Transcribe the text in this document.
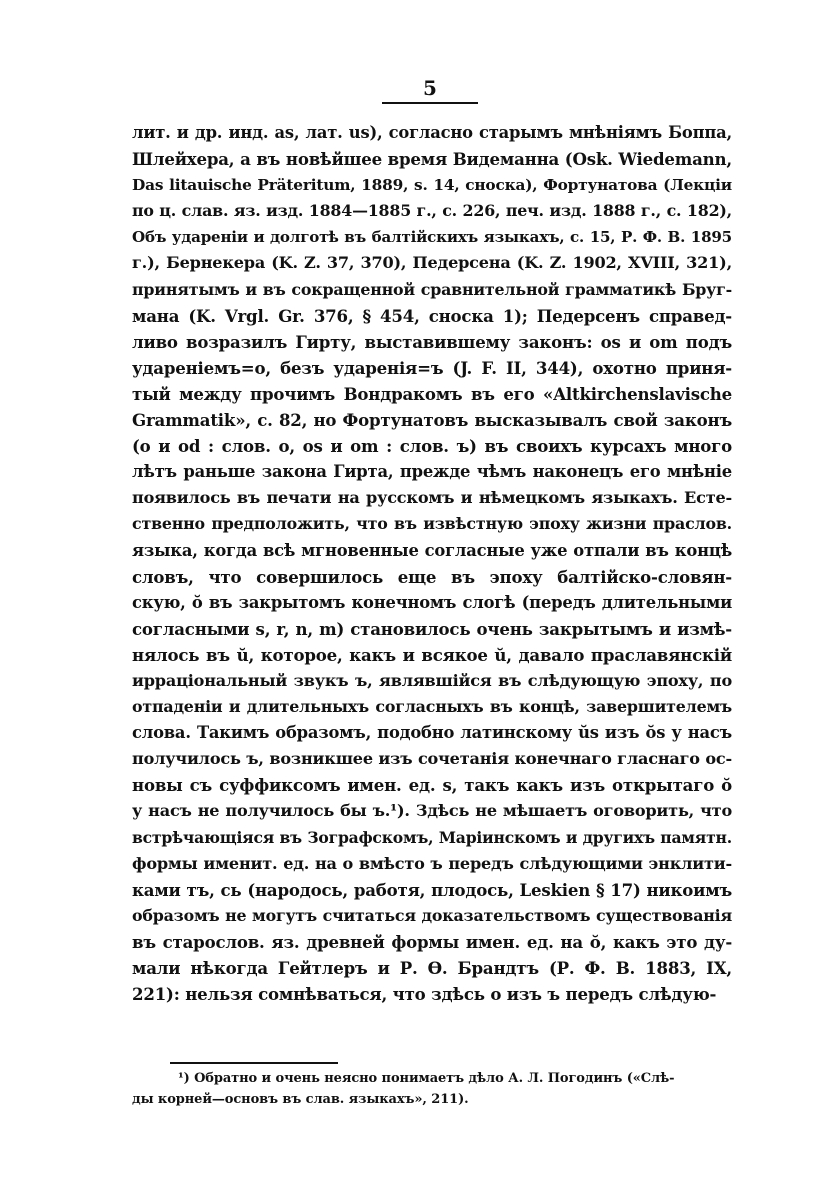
5
лит. и др. инд. as, лат. us), согласно старымъ мнѣніямъ Боппа,
Шлейхера, а въ новѣйшее время Видеманна (Osk. Wiedemann,
Das litauische Präteritum, 1889, s. 14, сноска), Фортунатова (Лекціи
по ц. слав. яз. изд. 1884—1885 г., с. 226, печ. изд. 1888 г., с. 182),
Объ удареніи и долготѣ въ балтійскихъ языкахъ, с. 15, Р. Ф. В. 1895
г.), Бернекера (K. Z. 37, 370), Педерсена (K. Z. 1902, XVIII, 321),
принятымъ и въ сокращенной сравнительной грамматикѣ Бруг-
мана (K. Vrgl. Gr. 376, § 454, сноска 1); Педерсенъ справед-
ливо возразилъ Гирту, выставившему законъ: os и om подъ
удареніемъ=o, безъ ударенія=ъ (J. F. II, 344), охотно приня-
тый между прочимъ Вондракомъ въ его «Altkirchenslavische
Grammatik», с. 82, но Фортунатовъ высказывалъ свой законъ
(o и od : слов. o, os и om : слов. ъ) въ своихъ курсахъ много
лѣтъ раньше закона Гирта, прежде чѣмъ наконецъ его мнѣніе
появилось въ печати на русскомъ и нѣмецкомъ языкахъ. Есте-
ственно предположить, что въ извѣстную эпоху жизни праслов.
языка, когда всѣ мгновенные согласные уже отпали въ концѣ
словъ, что совершилось еще въ эпоху балтійско-словян-
скую, ŏ въ закрытомъ конечномъ слогѣ (передъ длительными
согласными s, r, n, m) становилось очень закрытымъ и измѣ-
нялось въ ŭ, которое, какъ и всякое ŭ, давало праславянскій
ирраціональный звукъ ъ, являвшійся въ слѣдующую эпоху, по
отпаденіи и длительныхъ согласныхъ въ концѣ, завершителемъ
слова. Такимъ образомъ, подобно латинскому ŭs изъ ŏs у насъ
получилось ъ, возникшее изъ сочетанія конечнаго гласнаго ос-
новы съ суффиксомъ имен. ед. s, такъ какъ изъ открытаго ŏ
у насъ не получилось бы ъ.¹). Здѣсь не мѣшаетъ оговорить, что
встрѣчающіяся въ Зографскомъ, Маріинскомъ и другихъ памятн.
формы именит. ед. на o вмѣсто ъ передъ слѣдующими энклити-
ками тъ, сь (народось, работя, плодось, Leskien § 17) никоимъ
образомъ не могутъ считаться доказательствомъ существованія
въ старослов. яз. древней формы имен. ед. на ŏ, какъ это ду-
мали нѣкогда Гейтлеръ и Р. Ѳ. Брандтъ (Р. Ф. В. 1883, IX,
221): нельзя сомнѣваться, что здѣсь o изъ ъ передъ слѣдую-
¹) Обратно и очень неясно понимаетъ дѣло А. Л. Погодинъ («Слѣ-
ды корней—основъ въ слав. языкахъ», 211).
